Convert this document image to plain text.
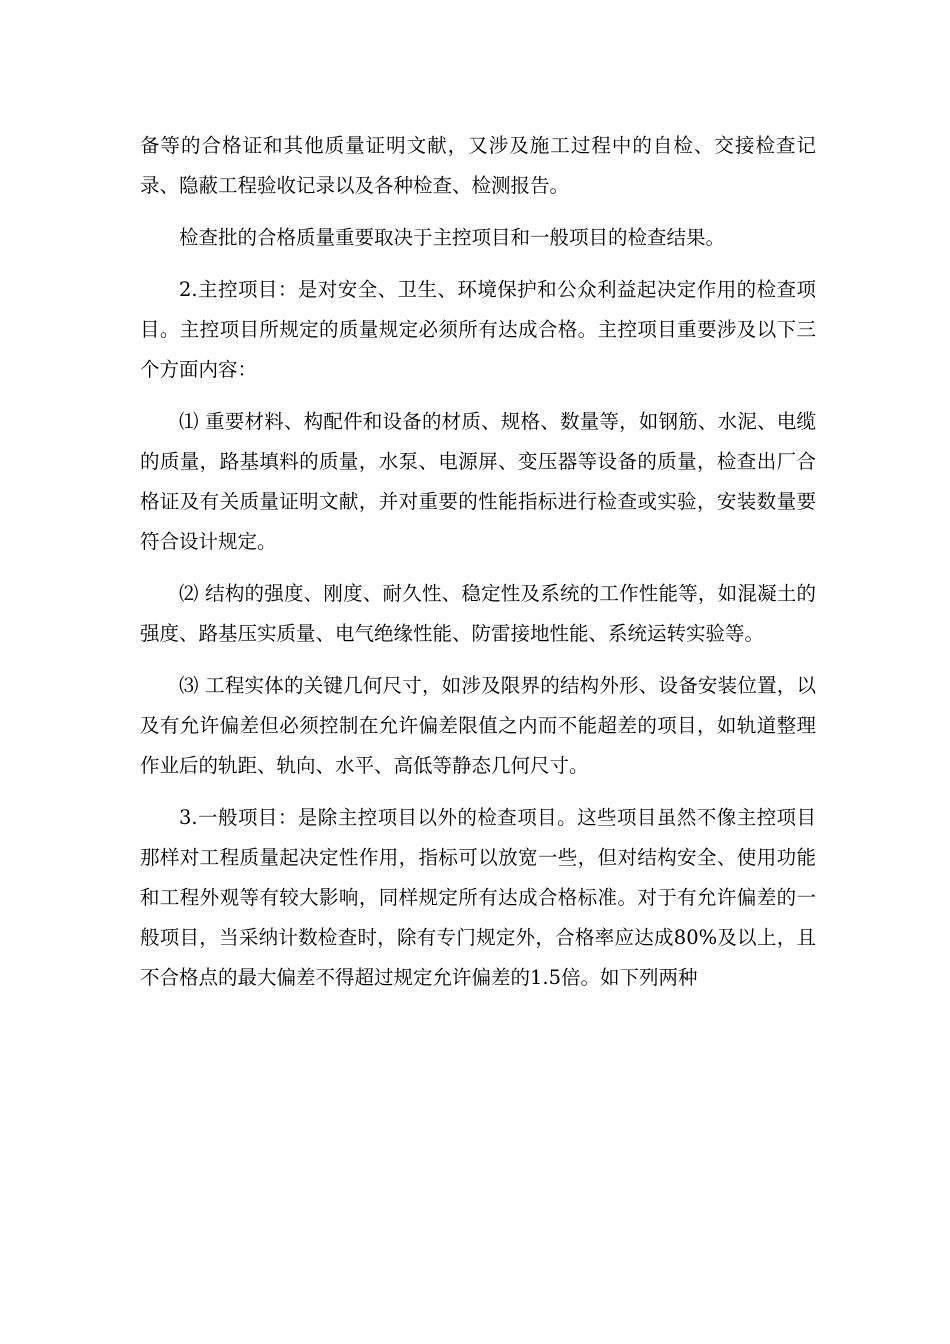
备等的合格证和其他质量证明文献，又涉及施工过程中的自检、交接检查记录、隐蔽工程验收记录以及各种检查、检测报告。

检查批的合格质量重要取决于主控项目和一般项目的检查结果。

2.主控项目：是对安全、卫生、环境保护和公众利益起决定作用的检查项目。主控项目所规定的质量规定必须所有达成合格。主控项目重要涉及以下三个方面内容：

⑴ 重要材料、构配件和设备的材质、规格、数量等，如钢筋、水泥、电缆的质量，路基填料的质量，水泵、电源屏、变压器等设备的质量，检查出厂合格证及有关质量证明文献，并对重要的性能指标进行检查或实验，安装数量要符合设计规定。

⑵ 结构的强度、刚度、耐久性、稳定性及系统的工作性能等，如混凝土的强度、路基压实质量、电气绝缘性能、防雷接地性能、系统运转实验等。

⑶ 工程实体的关键几何尺寸，如涉及限界的结构外形、设备安装位置，以及有允许偏差但必须控制在允许偏差限值之内而不能超差的项目，如轨道整理作业后的轨距、轨向、水平、高低等静态几何尺寸。

3.一般项目：是除主控项目以外的检查项目。这些项目虽然不像主控项目那样对工程质量起决定性作用，指标可以放宽一些，但对结构安全、使用功能和工程外观等有较大影响，同样规定所有达成合格标准。对于有允许偏差的一般项目，当采纳计数检查时，除有专门规定外，合格率应达成80%及以上，且不合格点的最大偏差不得超过规定允许偏差的1.5倍。如下列两种
